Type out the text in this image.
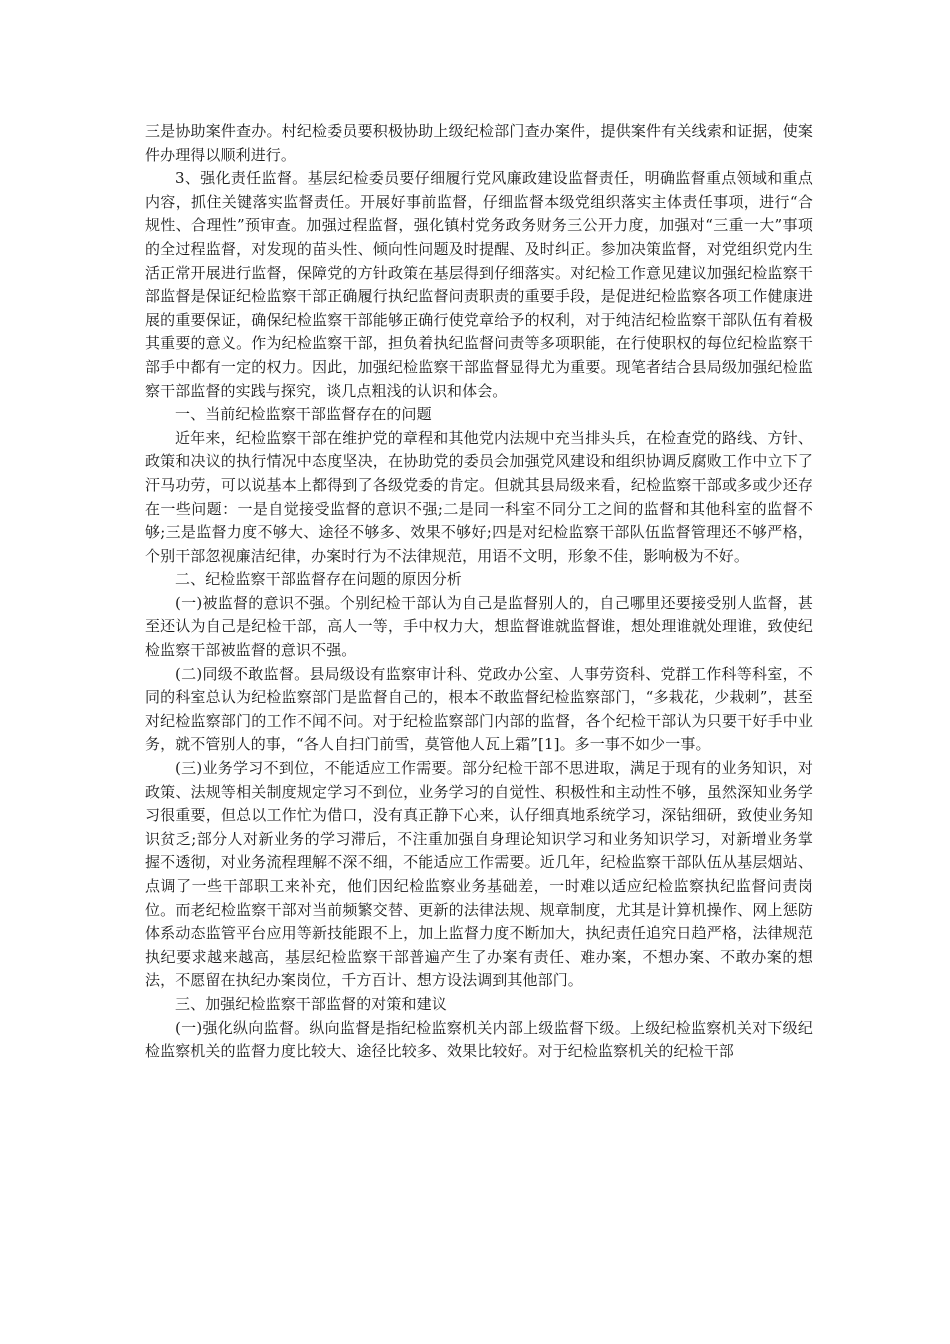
三是协助案件查办。村纪检委员要积极协助上级纪检部门查办案件，提供案件有关线索和证据，使案件办理得以顺利进行。

3、强化责任监督。基层纪检委员要仔细履行党风廉政建设监督责任，明确监督重点领域和重点内容，抓住关键落实监督责任。开展好事前监督，仔细监督本级党组织落实主体责任事项，进行“合规性、合理性”预审查。加强过程监督，强化镇村党务政务财务三公开力度，加强对“三重一大”事项的全过程监督，对发现的苗头性、倾向性问题及时提醒、及时纠正。参加决策监督，对党组织党内生活正常开展进行监督，保障党的方针政策在基层得到仔细落实。对纪检工作意见建议加强纪检监察干部监督是保证纪检监察干部正确履行执纪监督问责职责的重要手段，是促进纪检监察各项工作健康进展的重要保证，确保纪检监察干部能够正确行使党章给予的权利，对于纯洁纪检监察干部队伍有着极其重要的意义。作为纪检监察干部，担负着执纪监督问责等多项职能，在行使职权的每位纪检监察干部手中都有一定的权力。因此，加强纪检监察干部监督显得尤为重要。现笔者结合县局级加强纪检监察干部监督的实践与探究，谈几点粗浅的认识和体会。

一、当前纪检监察干部监督存在的问题

近年来，纪检监察干部在维护党的章程和其他党内法规中充当排头兵，在检查党的路线、方针、政策和决议的执行情况中态度坚决，在协助党的委员会加强党风建设和组织协调反腐败工作中立下了汗马功劳，可以说基本上都得到了各级党委的肯定。但就其县局级来看，纪检监察干部或多或少还存在一些问题：一是自觉接受监督的意识不强;二是同一科室不同分工之间的监督和其他科室的监督不够;三是监督力度不够大、途径不够多、效果不够好;四是对纪检监察干部队伍监督管理还不够严格，个别干部忽视廉洁纪律，办案时行为不法律规范，用语不文明，形象不佳，影响极为不好。

二、纪检监察干部监督存在问题的原因分析

(一)被监督的意识不强。个别纪检干部认为自己是监督别人的，自己哪里还要接受别人监督，甚至还认为自己是纪检干部，高人一等，手中权力大，想监督谁就监督谁，想处理谁就处理谁，致使纪检监察干部被监督的意识不强。

(二)同级不敢监督。县局级设有监察审计科、党政办公室、人事劳资科、党群工作科等科室，不同的科室总认为纪检监察部门是监督自己的，根本不敢监督纪检监察部门，“多栽花，少栽刺”，甚至对纪检监察部门的工作不闻不问。对于纪检监察部门内部的监督，各个纪检干部认为只要干好手中业务，就不管别人的事，“各人自扫门前雪，莫管他人瓦上霜”[1]。多一事不如少一事。

(三)业务学习不到位，不能适应工作需要。部分纪检干部不思进取，满足于现有的业务知识，对政策、法规等相关制度规定学习不到位，业务学习的自觉性、积极性和主动性不够，虽然深知业务学习很重要，但总以工作忙为借口，没有真正静下心来，认仔细真地系统学习，深钻细研，致使业务知识贫乏;部分人对新业务的学习滞后，不注重加强自身理论知识学习和业务知识学习，对新增业务掌握不透彻，对业务流程理解不深不细，不能适应工作需要。近几年，纪检监察干部队伍从基层烟站、点调了一些干部职工来补充，他们因纪检监察业务基础差，一时难以适应纪检监察执纪监督问责岗位。而老纪检监察干部对当前频繁交替、更新的法律法规、规章制度，尤其是计算机操作、网上惩防体系动态监管平台应用等新技能跟不上，加上监督力度不断加大，执纪责任追究日趋严格，法律规范执纪要求越来越高，基层纪检监察干部普遍产生了办案有责任、难办案，不想办案、不敢办案的想法，不愿留在执纪办案岗位，千方百计、想方设法调到其他部门。

三、加强纪检监察干部监督的对策和建议

(一)强化纵向监督。纵向监督是指纪检监察机关内部上级监督下级。上级纪检监察机关对下级纪检监察机关的监督力度比较大、途径比较多、效果比较好。对于纪检监察机关的纪检干部
